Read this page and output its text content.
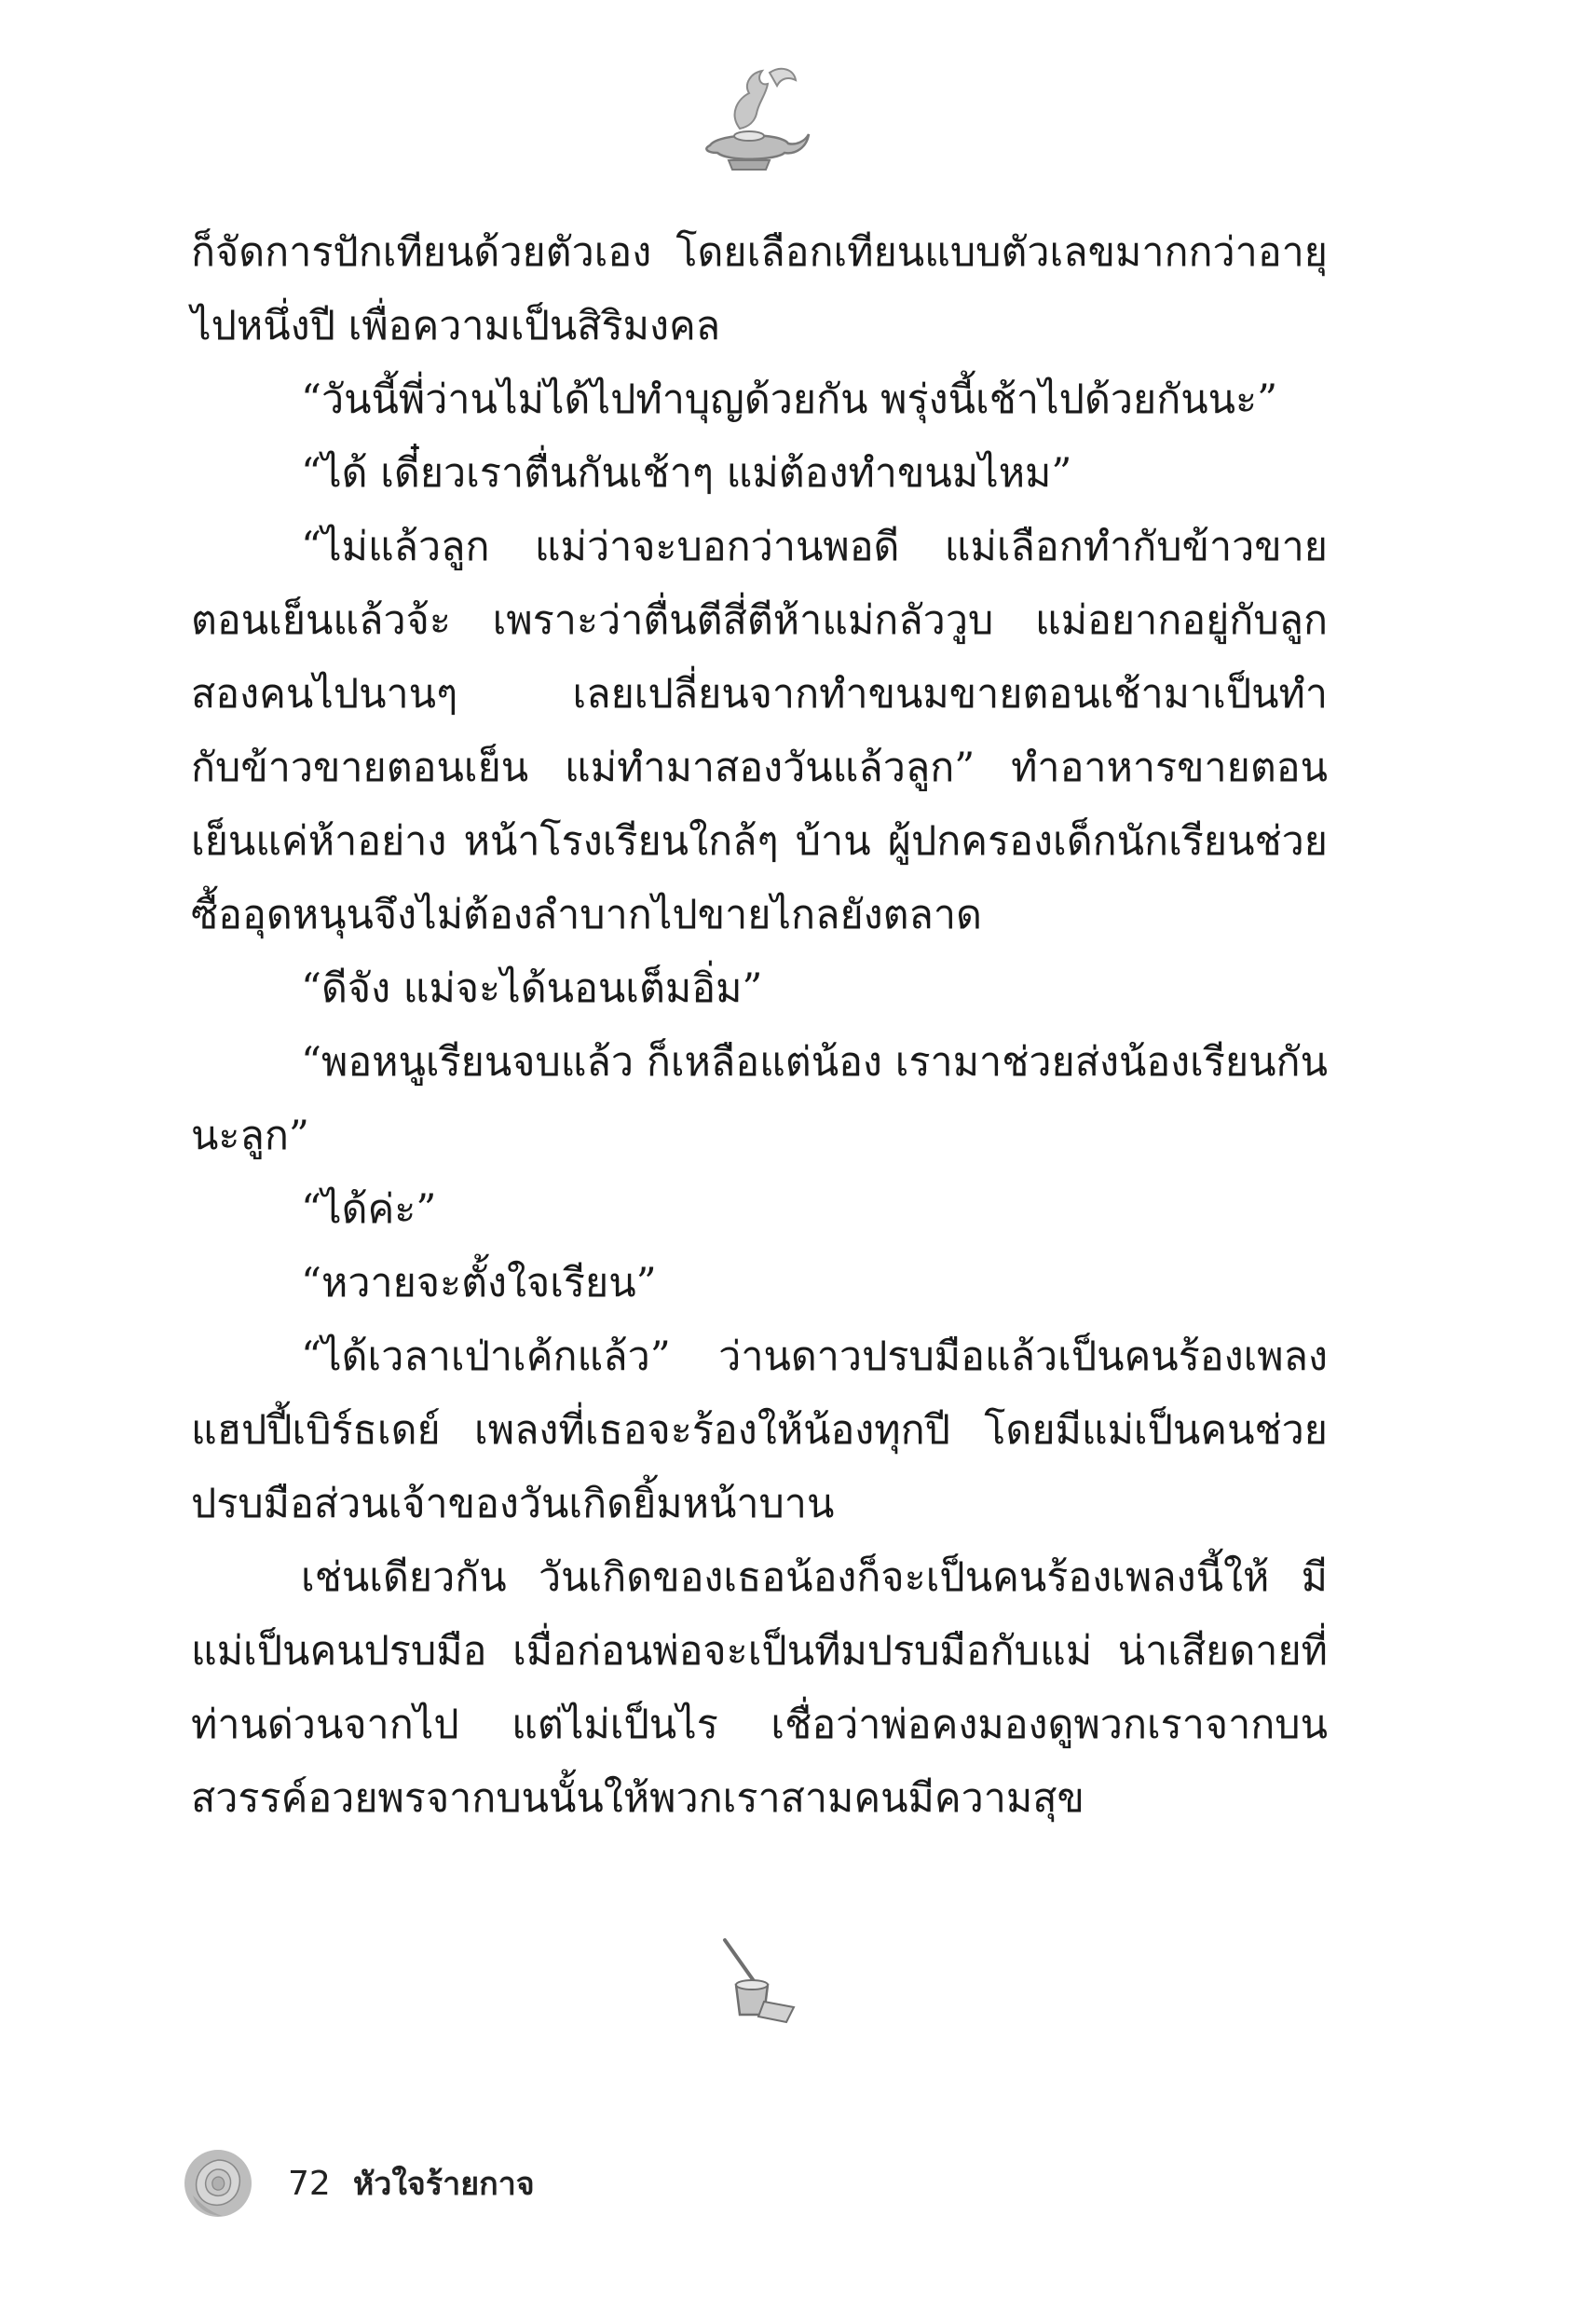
ก็จัดการปักเทียนด้วยตัวเอง โดยเลือกเทียนแบบตัวเลขมากกว่าอายุไปหนึ่งปี เพื่อความเป็นสิริมงคล

“วันนี้พี่ว่านไม่ได้ไปทำบุญด้วยกัน พรุ่งนี้เช้าไปด้วยกันนะ”

“ได้ เดี๋ยวเราตื่นกันเช้าๆ แม่ต้องทำขนมไหม”

“ไม่แล้วลูก แม่ว่าจะบอกว่านพอดี แม่เลือกทำกับข้าวขายตอนเย็นแล้วจ้ะ เพราะว่าตื่นตีสี่ตีห้าแม่กลัววูบ แม่อยากอยู่กับลูกสองคนไปนานๆ เลยเปลี่ยนจากทำขนมขายตอนเช้ามาเป็นทำกับข้าวขายตอนเย็น แม่ทำมาสองวันแล้วลูก” ทำอาหารขายตอนเย็นแค่ห้าอย่าง หน้าโรงเรียนใกล้ๆ บ้าน ผู้ปกครองเด็กนักเรียนช่วยซื้ออุดหนุนจึงไม่ต้องลำบากไปขายไกลยังตลาด

“ดีจัง แม่จะได้นอนเต็มอิ่ม”

“พอหนูเรียนจบแล้ว ก็เหลือแต่น้อง เรามาช่วยส่งน้องเรียนกันนะลูก”

“ได้ค่ะ”

“หวายจะตั้งใจเรียน”

“ได้เวลาเป่าเค้กแล้ว” ว่านดาวปรบมือแล้วเป็นคนร้องเพลงแฮปปี้เบิร์ธเดย์ เพลงที่เธอจะร้องให้น้องทุกปี โดยมีแม่เป็นคนช่วยปรบมือส่วนเจ้าของวันเกิดยิ้มหน้าบาน

เช่นเดียวกัน วันเกิดของเธอน้องก็จะเป็นคนร้องเพลงนี้ให้ มีแม่เป็นคนปรบมือ เมื่อก่อนพ่อจะเป็นทีมปรบมือกับแม่ น่าเสียดายที่ท่านด่วนจากไป แต่ไม่เป็นไร เชื่อว่าพ่อคงมองดูพวกเราจากบนสวรรค์อวยพรจากบนนั้นให้พวกเราสามคนมีความสุข

72 หัวใจร้ายกาจ
